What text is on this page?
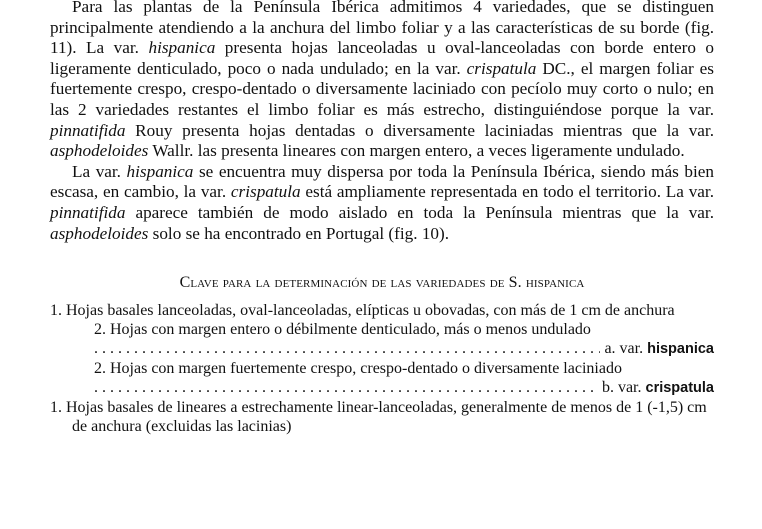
Para las plantas de la Península Ibérica admitimos 4 variedades, que se distinguen principalmente atendiendo a la anchura del limbo foliar y a las características de su borde (fig. 11). La var. hispanica presenta hojas lanceoladas u oval-lanceoladas con borde entero o ligeramente denticulado, poco o nada undulado; en la var. crispatula DC., el margen foliar es fuertemente crespo, crespo-dentado o diversamente laciniado con pecíolo muy corto o nulo; en las 2 variedades restantes el limbo foliar es más estrecho, distinguiéndose porque la var. pinnatifida Rouy presenta hojas dentadas o diversamente laciniadas mientras que la var. asphodeloides Wallr. las presenta lineares con margen entero, a veces ligeramente undulado.

La var. hispanica se encuentra muy dispersa por toda la Península Ibérica, siendo más bien escasa, en cambio, la var. crispatula está ampliamente representada en todo el territorio. La var. pinnatifida aparece también de modo aislado en toda la Península mientras que la var. asphodeloides solo se ha encontrado en Portugal (fig. 10).

Clave para la determinación de las variedades de S. hispanica

1. Hojas basales lanceoladas, oval-lanceoladas, elípticas u obovadas, con más de 1 cm de anchura

2. Hojas con margen entero o débilmente denticulado, más o menos undulado
. . .
a. var. hispanica
2. Hojas con margen fuertemente crespo, crespo-dentado o diversamente laciniado
. . .
b. var. crispatula

1. Hojas basales de lineares a estrechamente linear-lanceoladas, generalmente de menos de 1 (-1,5) cm de anchura (excluidas las lacinias)
